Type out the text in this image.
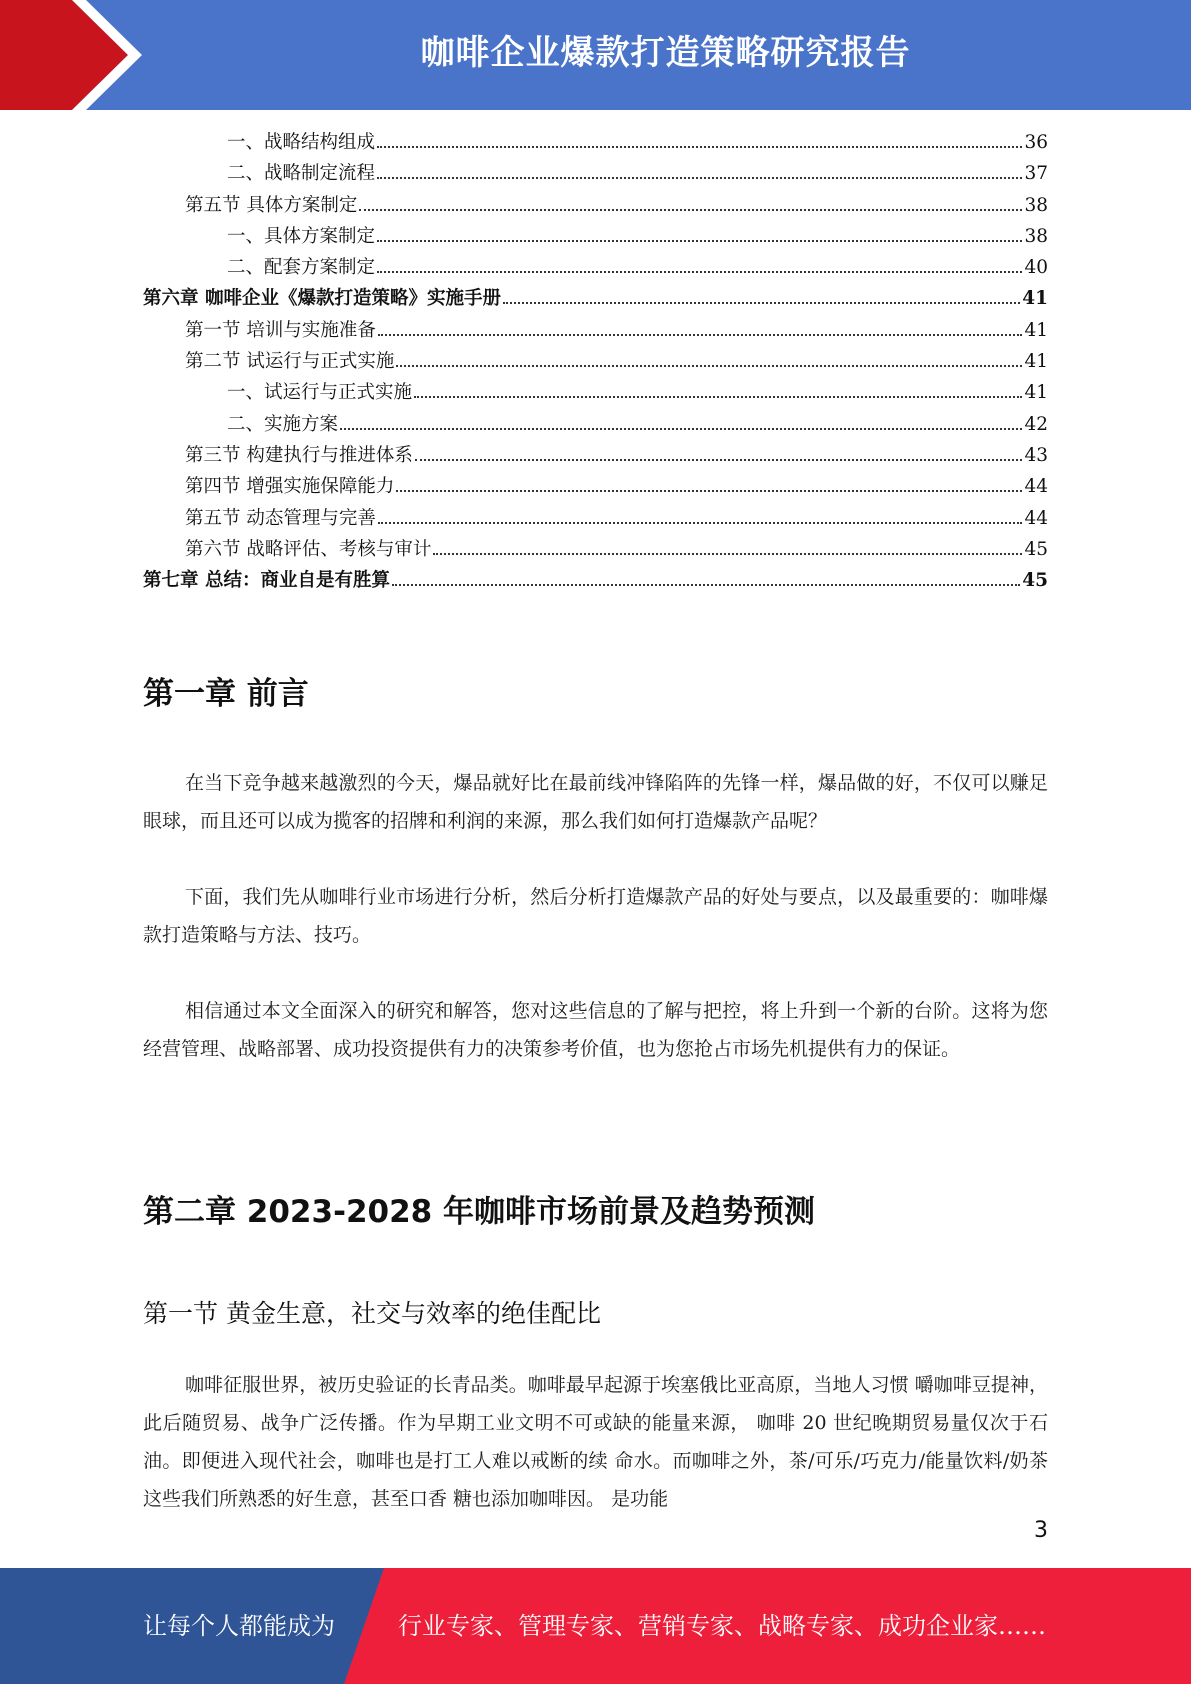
咖啡企业爆款打造策略研究报告
一、战略结构组成	36
二、战略制定流程	37
第五节 具体方案制定	38
一、具体方案制定	38
二、配套方案制定	40
第六章 咖啡企业《爆款打造策略》实施手册	41
第一节 培训与实施准备	41
第二节 试运行与正式实施	41
一、试运行与正式实施	41
二、实施方案	42
第三节 构建执行与推进体系	43
第四节 增强实施保障能力	44
第五节 动态管理与完善	44
第六节 战略评估、考核与审计	45
第七章 总结：商业自是有胜算	45
第一章 前言
在当下竞争越来越激烈的今天，爆品就好比在最前线冲锋陷阵的先锋一样，爆品做的好，不仅可以赚足眼球，而且还可以成为揽客的招牌和利润的来源，那么我们如何打造爆款产品呢？
下面，我们先从咖啡行业市场进行分析，然后分析打造爆款产品的好处与要点，以及最重要的：咖啡爆款打造策略与方法、技巧。
相信通过本文全面深入的研究和解答，您对这些信息的了解与把控，将上升到一个新的台阶。这将为您经营管理、战略部署、成功投资提供有力的决策参考价值，也为您抢占市场先机提供有力的保证。
第二章 2023-2028 年咖啡市场前景及趋势预测
第一节 黄金生意，社交与效率的绝佳配比
咖啡征服世界，被历史验证的长青品类。咖啡最早起源于埃塞俄比亚高原，当地人习惯 嚼咖啡豆提神，此后随贸易、战争广泛传播。作为早期工业文明不可或缺的能量来源， 咖啡 20 世纪晚期贸易量仅次于石油。即便进入现代社会，咖啡也是打工人难以戒断的续 命水。而咖啡之外，茶/可乐/巧克力/能量饮料/奶茶这些我们所熟悉的好生意，甚至口香 糖也添加咖啡因。 是功能
3
让每个人都能成为	行业专家、管理专家、营销专家、战略专家、成功企业家……
